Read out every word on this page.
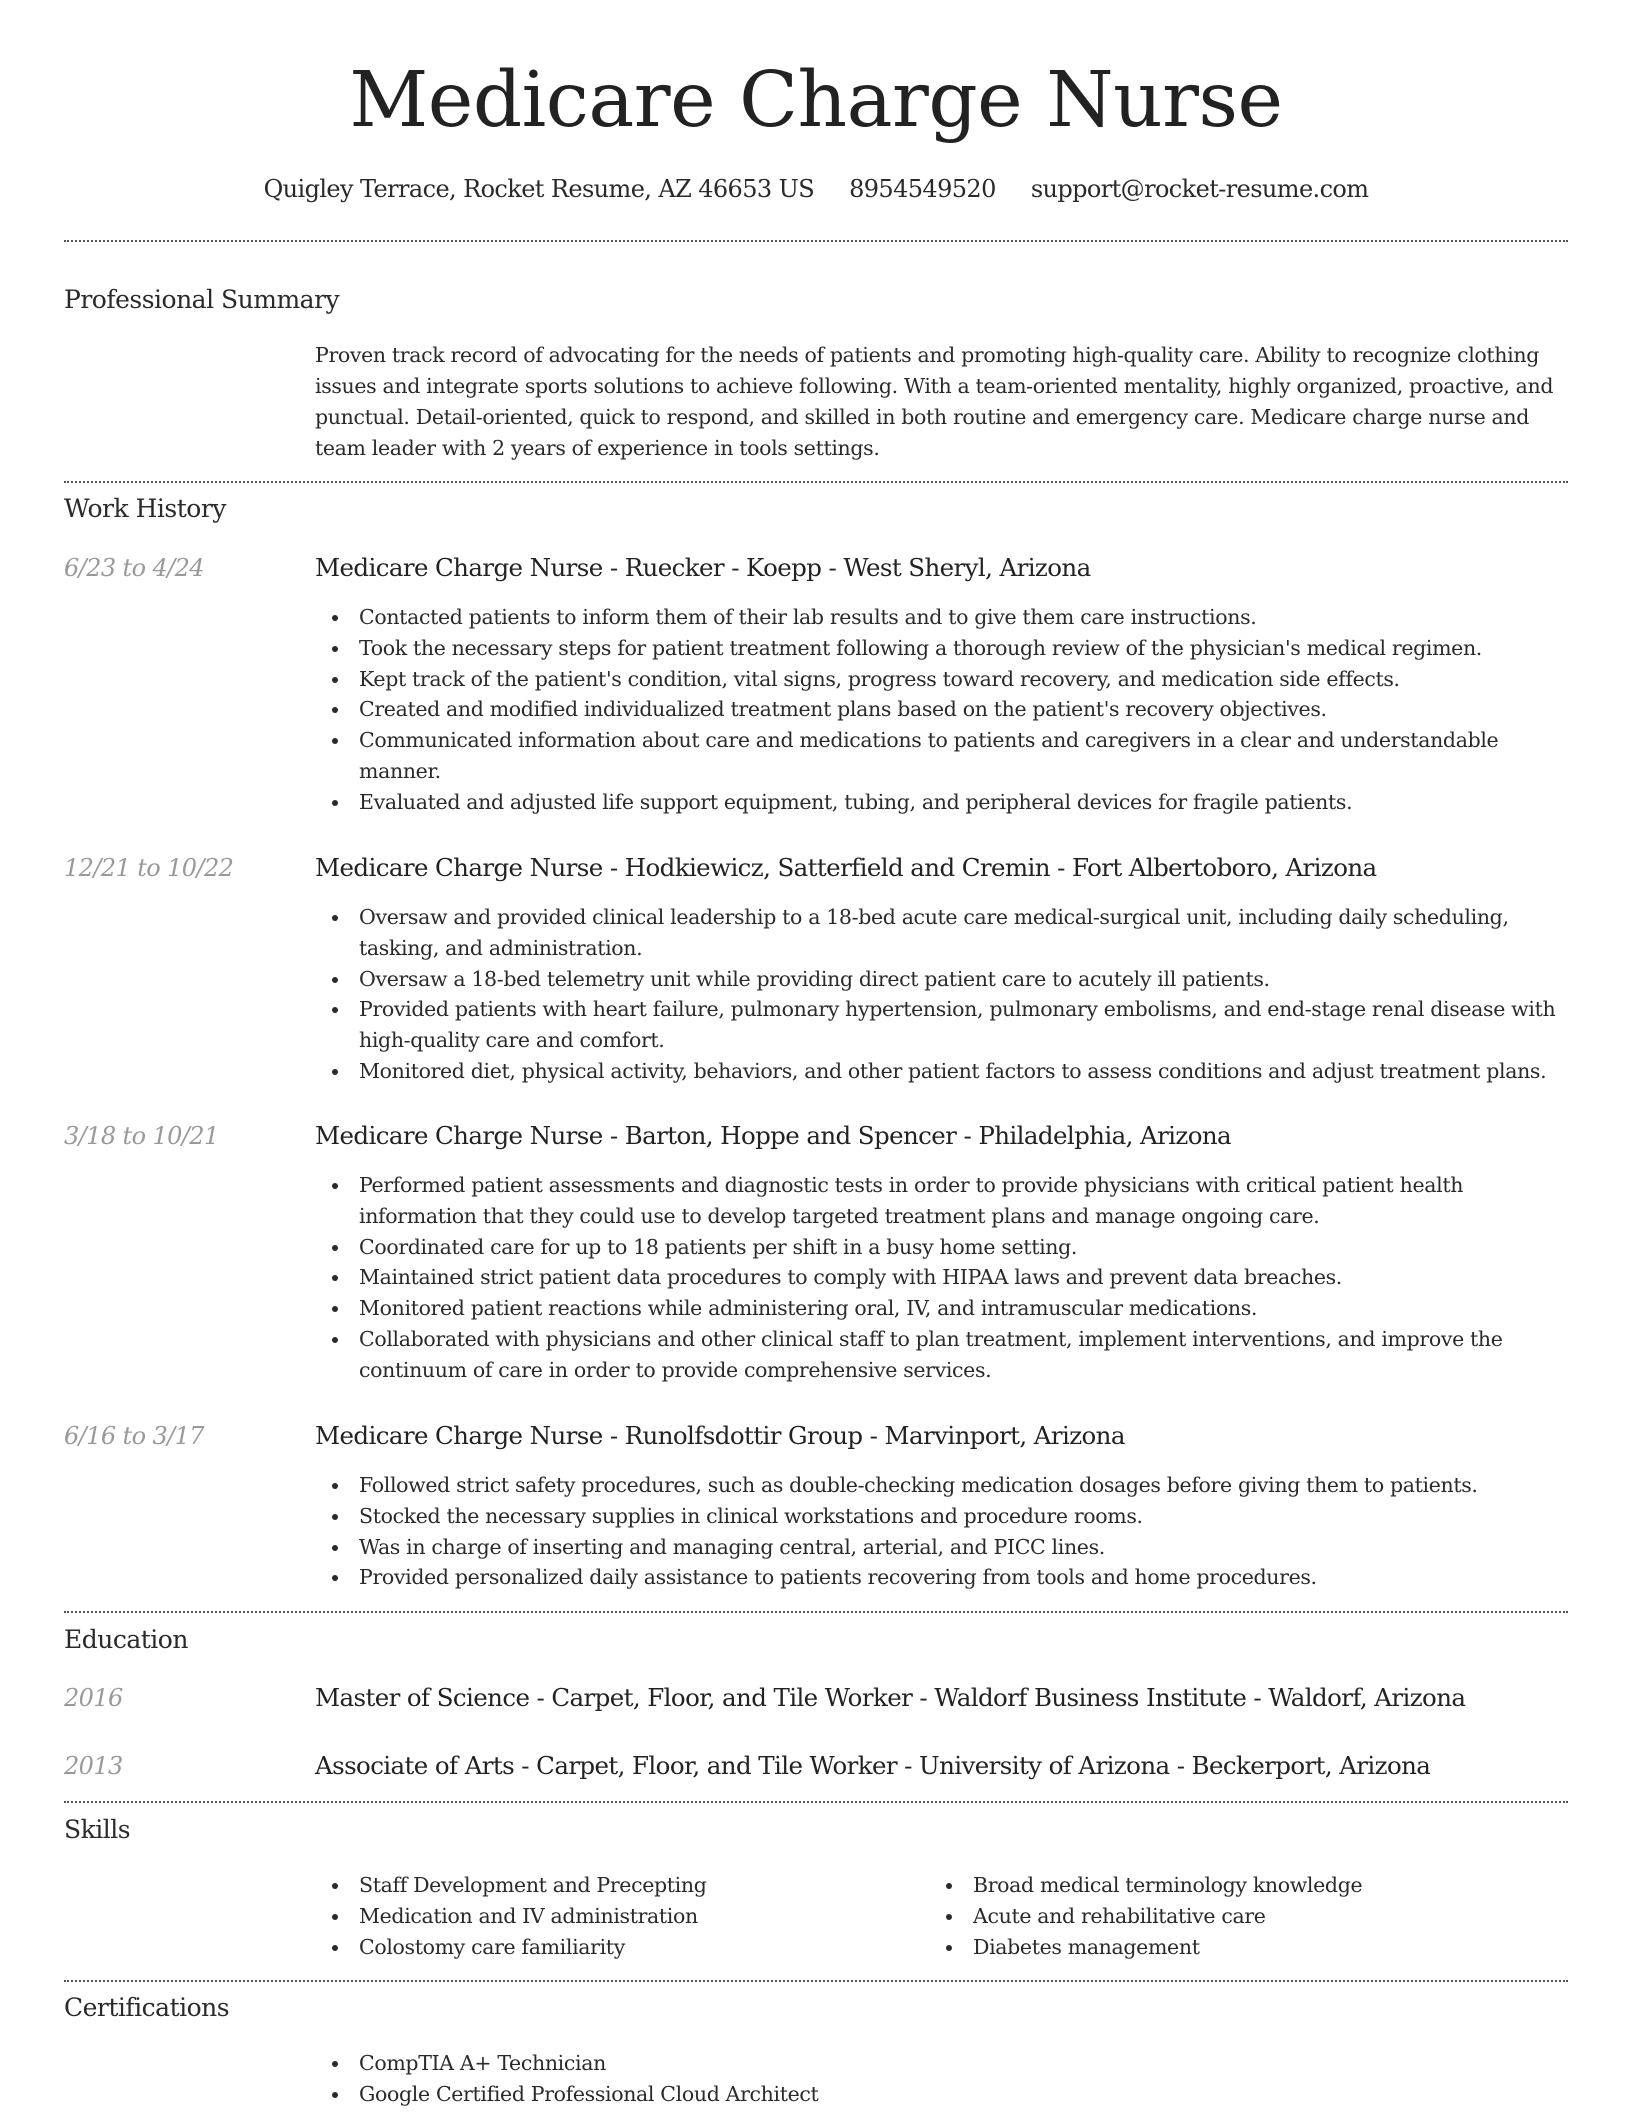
Medicare Charge Nurse
Quigley Terrace, Rocket Resume, AZ 46653 US 8954549520 support@rocket-resume.com
Professional Summary
Proven track record of advocating for the needs of patients and promoting high-quality care. Ability to recognize clothing issues and integrate sports solutions to achieve following. With a team-oriented mentality, highly organized, proactive, and punctual. Detail-oriented, quick to respond, and skilled in both routine and emergency care. Medicare charge nurse and team leader with 2 years of experience in tools settings.
Work History
6/23 to 4/24	Medicare Charge Nurse - Ruecker - Koepp - West Sheryl, Arizona
Contacted patients to inform them of their lab results and to give them care instructions.
Took the necessary steps for patient treatment following a thorough review of the physician's medical regimen.
Kept track of the patient's condition, vital signs, progress toward recovery, and medication side effects.
Created and modified individualized treatment plans based on the patient's recovery objectives.
Communicated information about care and medications to patients and caregivers in a clear and understandable manner.
Evaluated and adjusted life support equipment, tubing, and peripheral devices for fragile patients.
12/21 to 10/22	Medicare Charge Nurse - Hodkiewicz, Satterfield and Cremin - Fort Albertoboro, Arizona
Oversaw and provided clinical leadership to a 18-bed acute care medical-surgical unit, including daily scheduling, tasking, and administration.
Oversaw a 18-bed telemetry unit while providing direct patient care to acutely ill patients.
Provided patients with heart failure, pulmonary hypertension, pulmonary embolisms, and end-stage renal disease with high-quality care and comfort.
Monitored diet, physical activity, behaviors, and other patient factors to assess conditions and adjust treatment plans.
3/18 to 10/21	Medicare Charge Nurse - Barton, Hoppe and Spencer - Philadelphia, Arizona
Performed patient assessments and diagnostic tests in order to provide physicians with critical patient health information that they could use to develop targeted treatment plans and manage ongoing care.
Coordinated care for up to 18 patients per shift in a busy home setting.
Maintained strict patient data procedures to comply with HIPAA laws and prevent data breaches.
Monitored patient reactions while administering oral, IV, and intramuscular medications.
Collaborated with physicians and other clinical staff to plan treatment, implement interventions, and improve the continuum of care in order to provide comprehensive services.
6/16 to 3/17	Medicare Charge Nurse - Runolfsdottir Group - Marvinport, Arizona
Followed strict safety procedures, such as double-checking medication dosages before giving them to patients.
Stocked the necessary supplies in clinical workstations and procedure rooms.
Was in charge of inserting and managing central, arterial, and PICC lines.
Provided personalized daily assistance to patients recovering from tools and home procedures.
Education
2016	Master of Science - Carpet, Floor, and Tile Worker - Waldorf Business Institute - Waldorf, Arizona
2013	Associate of Arts - Carpet, Floor, and Tile Worker - University of Arizona - Beckerport, Arizona
Skills
Staff Development and Precepting
Medication and IV administration
Colostomy care familiarity
Broad medical terminology knowledge
Acute and rehabilitative care
Diabetes management
Certifications
CompTIA A+ Technician
Google Certified Professional Cloud Architect
